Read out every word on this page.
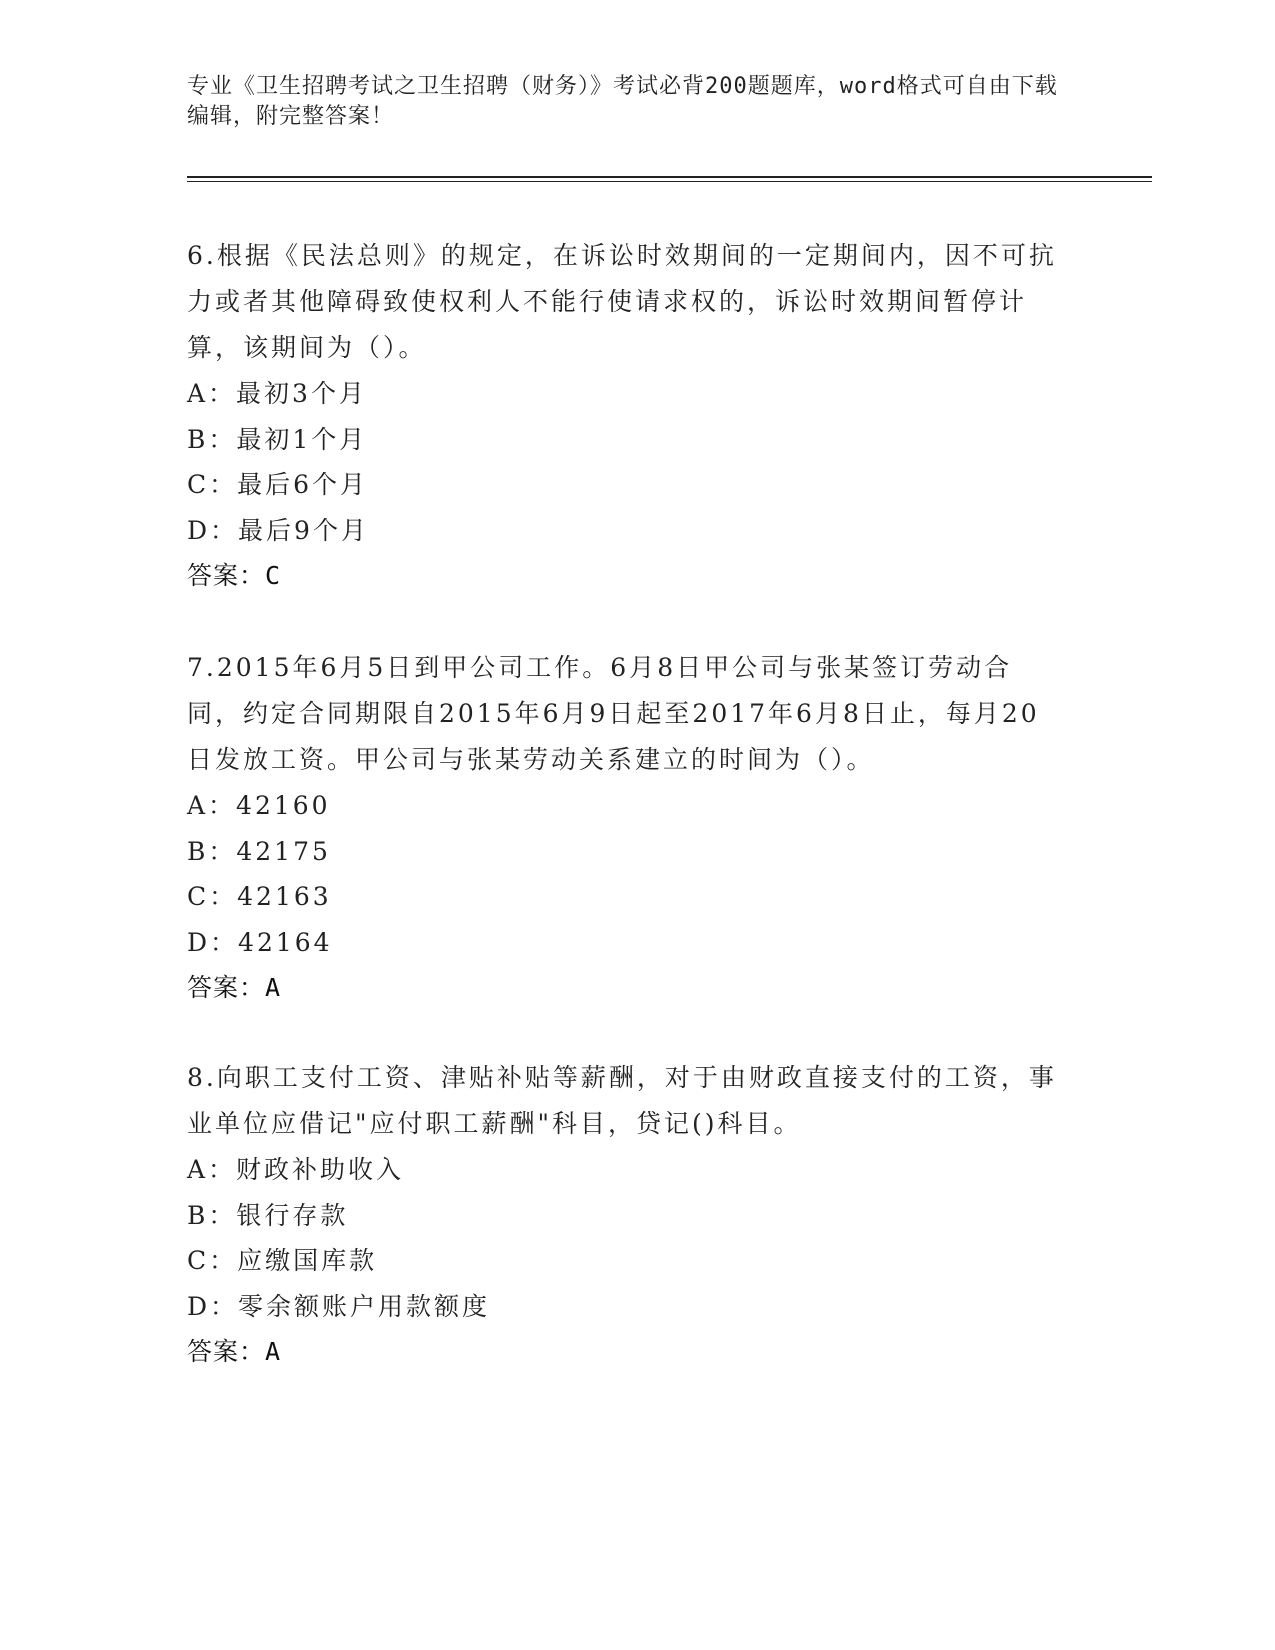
专业《卫生招聘考试之卫生招聘（财务）》考试必背200题题库，word格式可自由下载编辑，附完整答案！

6.根据《民法总则》的规定，在诉讼时效期间的一定期间内，因不可抗力或者其他障碍致使权利人不能行使请求权的，诉讼时效期间暂停计算，该期间为（）。

A：最初3个月

B：最初1个月

C：最后6个月

D：最后9个月

答案：C

7.2015年6月5日到甲公司工作。6月8日甲公司与张某签订劳动合同，约定合同期限自2015年6月9日起至2017年6月8日止，每月20日发放工资。甲公司与张某劳动关系建立的时间为（）。

A：42160

B：42175

C：42163

D：42164

答案：A

8.向职工支付工资、津贴补贴等薪酬，对于由财政直接支付的工资，事业单位应借记"应付职工薪酬"科目，贷记()科目。

A：财政补助收入

B：银行存款

C：应缴国库款

D：零余额账户用款额度

答案：A
